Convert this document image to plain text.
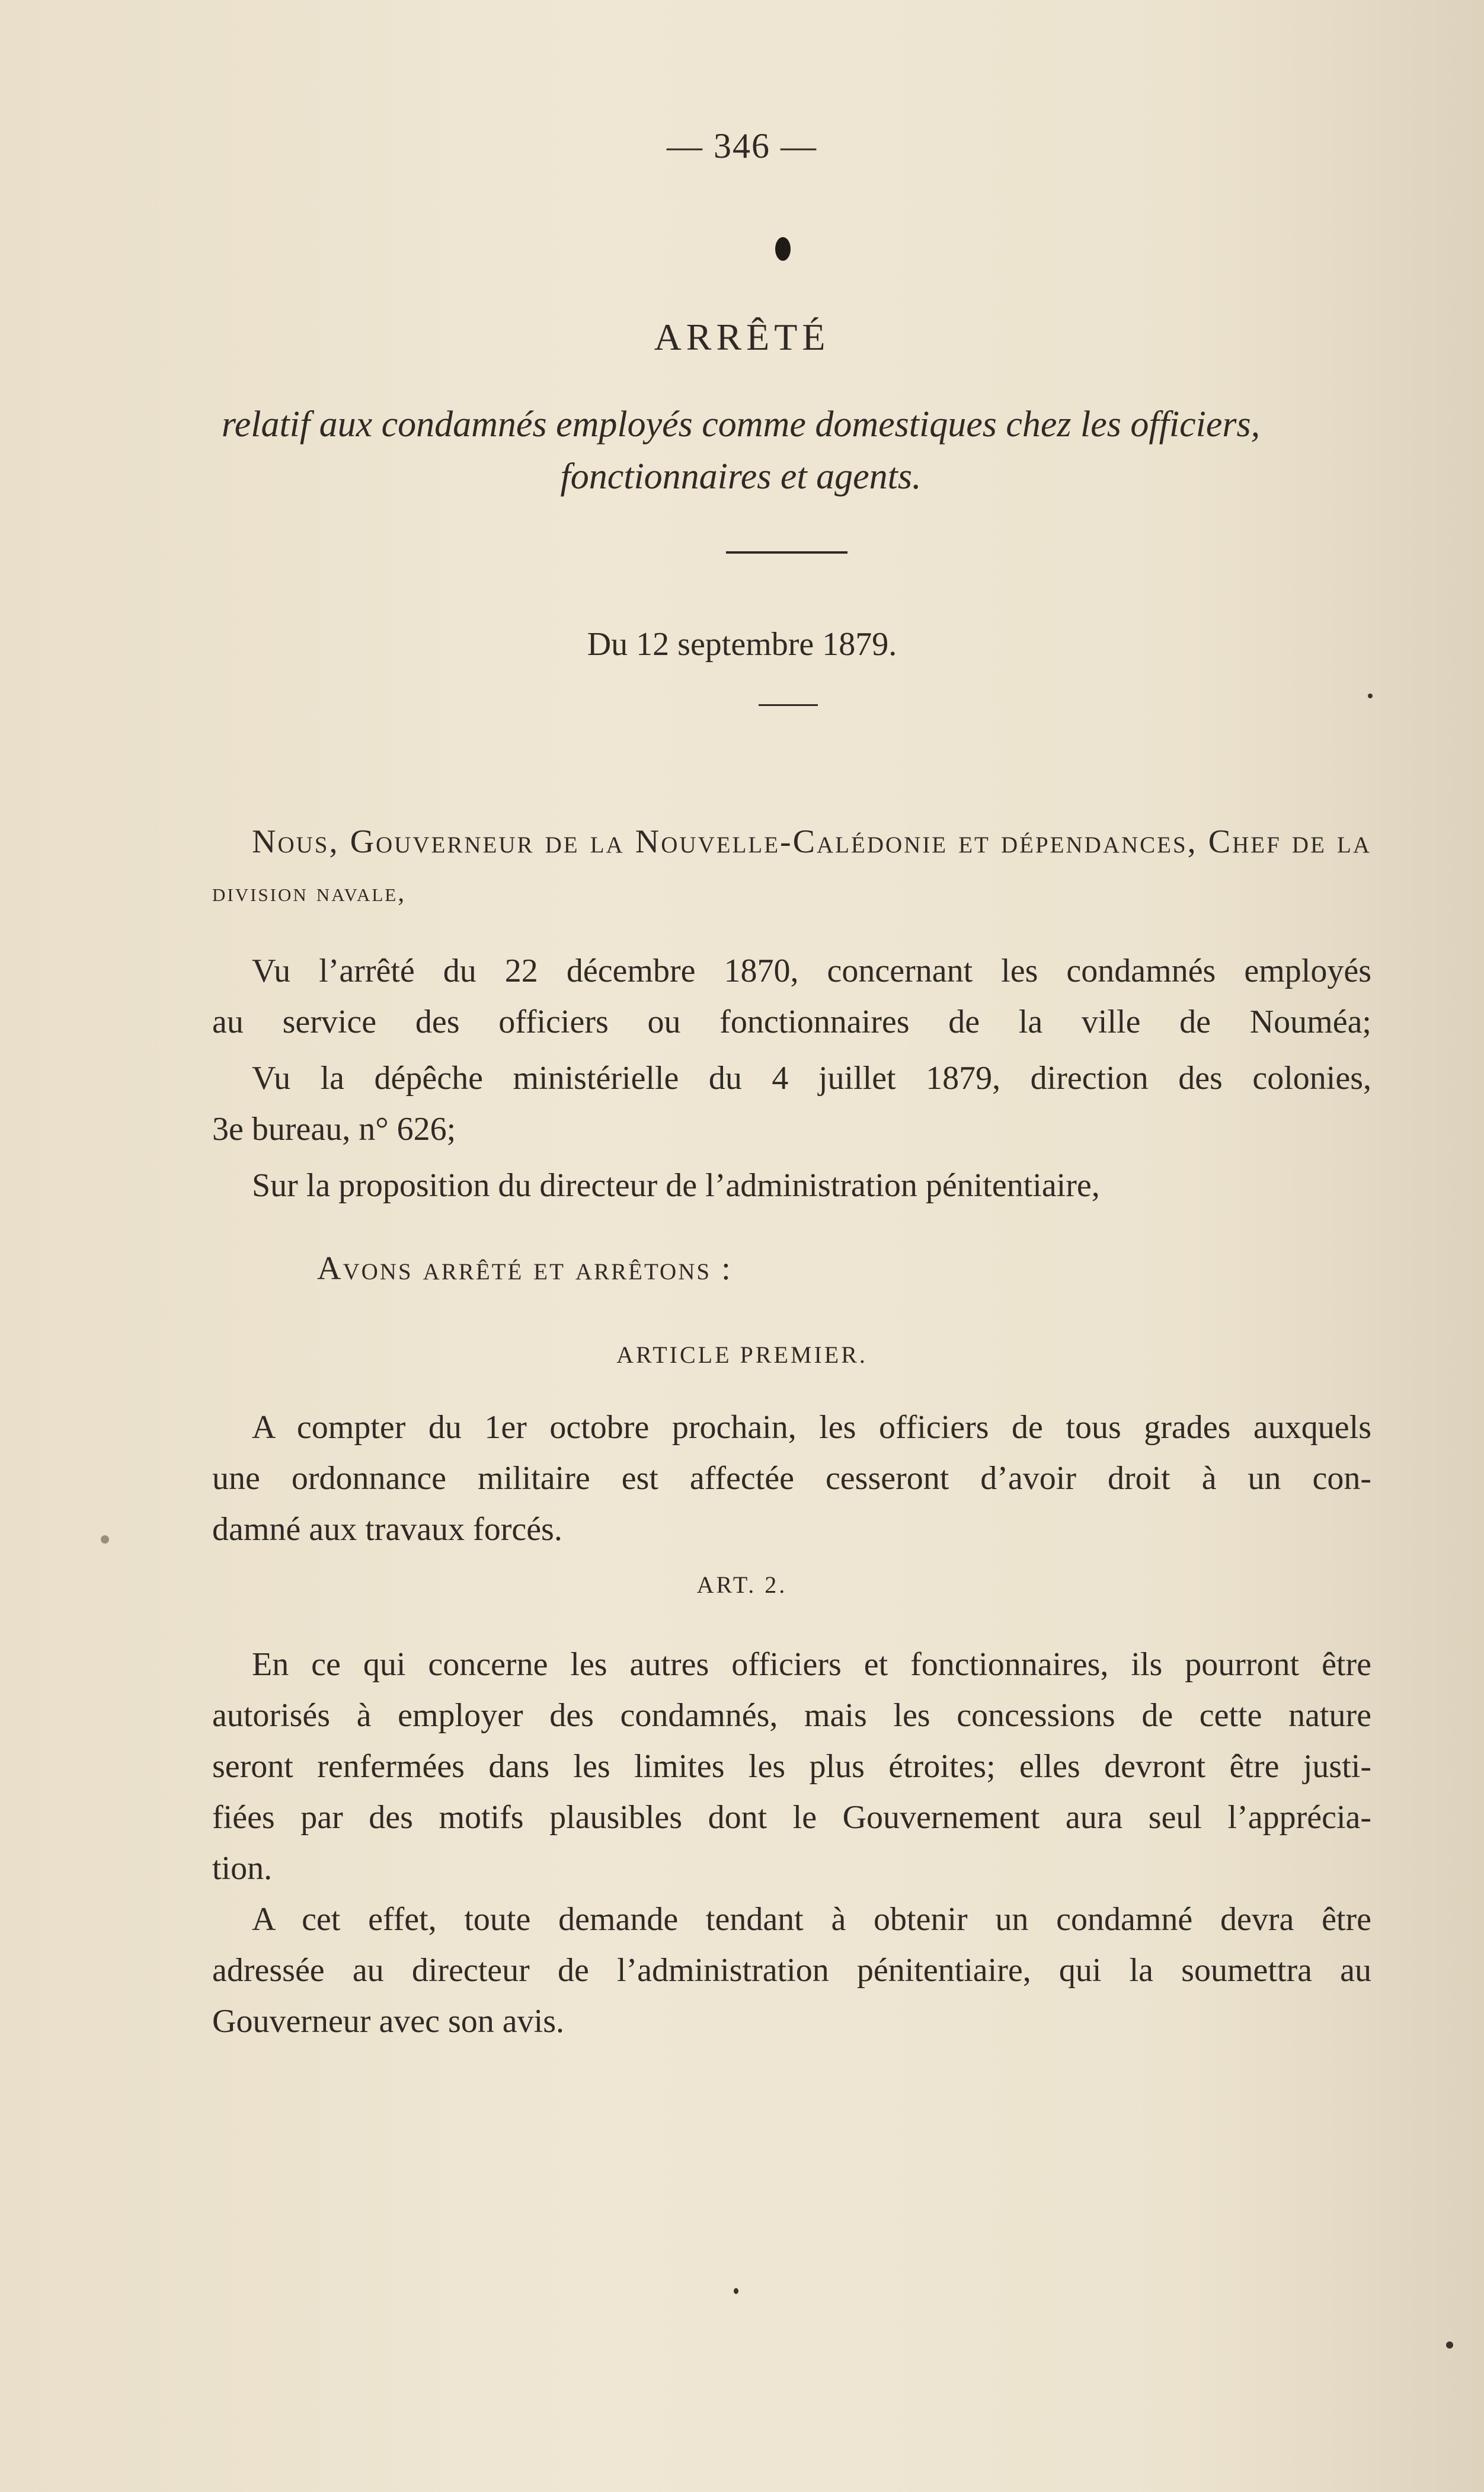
— 346 —
ARRÊTÉ
relatif aux condamnés employés comme domestiques chez les officiers,
fonctionnaires et agents.
Du 12 septembre 1879.
Nous, Gouverneur de la Nouvelle-Calédonie et dépendances, Chef de la
division navale,
Vu l’arrêté du 22 décembre 1870, concernant les condamnés employés
au service des officiers ou fonctionnaires de la ville de Nouméa;
Vu la dépêche ministérielle du 4 juillet 1879, direction des colonies,
3e bureau, n° 626;
Sur la proposition du directeur de l’administration pénitentiaire,
Avons arrêté et arrêtons :
ARTICLE PREMIER.
A compter du 1er octobre prochain, les officiers de tous grades auxquels
une ordonnance militaire est affectée cesseront d’avoir droit à un con-
damné aux travaux forcés.
ART. 2.
En ce qui concerne les autres officiers et fonctionnaires, ils pourront être
autorisés à employer des condamnés, mais les concessions de cette nature
seront renfermées dans les limites les plus étroites; elles devront être justi-
fiées par des motifs plausibles dont le Gouvernement aura seul l’apprécia-
tion.
A cet effet, toute demande tendant à obtenir un condamné devra être
adressée au directeur de l’administration pénitentiaire, qui la soumettra au
Gouverneur avec son avis.
